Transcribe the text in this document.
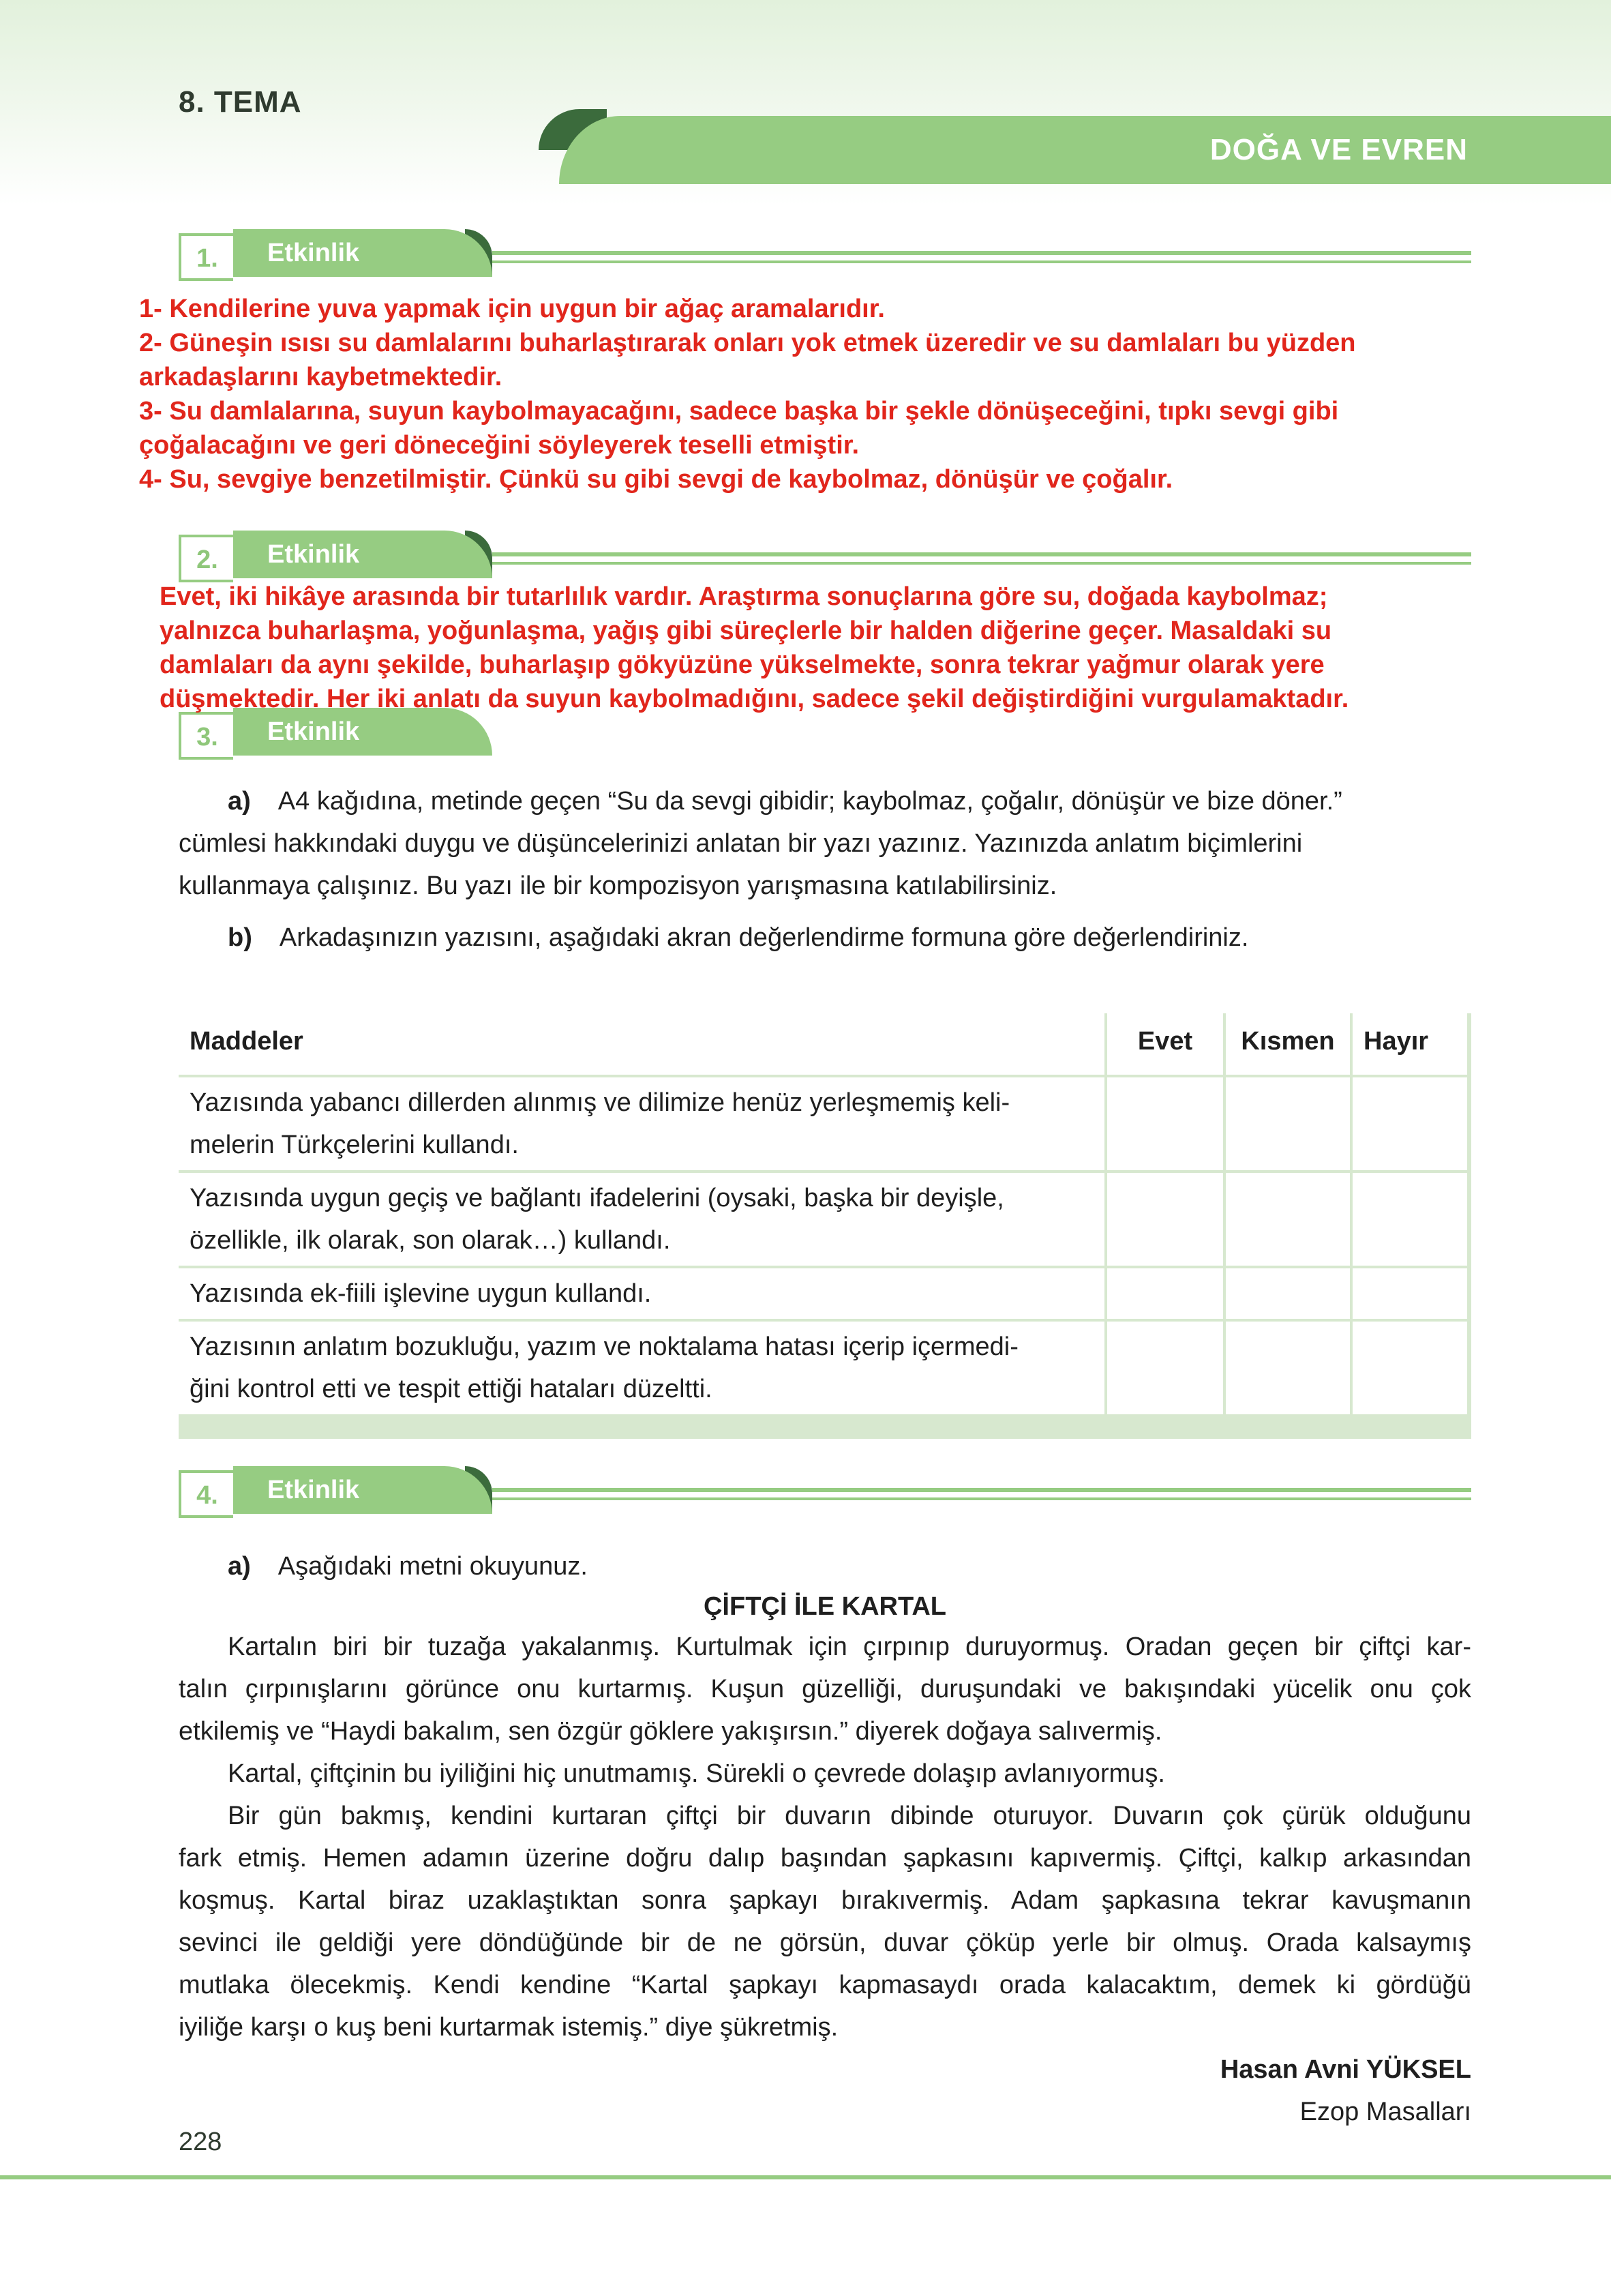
8. TEMA
DOĞA VE EVREN
1.	Etkinlik

1- Kendilerine yuva yapmak için uygun bir ağaç aramalarıdır.

2- Güneşin ısısı su damlalarını buharlaştırarak onları yok etmek üzeredir ve su damlaları bu yüzden

arkadaşlarını kaybetmektedir.

3- Su damlalarına, suyun kaybolmayacağını, sadece başka bir şekle dönüşeceğini, tıpkı sevgi gibi

çoğalacağını ve geri döneceğini söyleyerek teselli etmiştir.

4- Su, sevgiye benzetilmiştir. Çünkü su gibi sevgi de kaybolmaz, dönüşür ve çoğalır.

2.	Etkinlik
3.	Etkinlik

Evet, iki hikâye arasında bir tutarlılık vardır. Araştırma sonuçlarına göre su, doğada kaybolmaz;

yalnızca buharlaşma, yoğunlaşma, yağış gibi süreçlerle bir halden diğerine geçer. Masaldaki su

damlaları da aynı şekilde, buharlaşıp gökyüzüne yükselmekte, sonra tekrar yağmur olarak yere

düşmektedir. Her iki anlatı da suyun kaybolmadığını, sadece şekil değiştirdiğini vurgulamaktadır.

a) A4 kağıdına, metinde geçen “Su da sevgi gibidir; kaybolmaz, çoğalır, dönüşür ve bize döner.”
cümlesi hakkındaki duygu ve düşüncelerinizi anlatan bir yazı yazınız. Yazınızda anlatım biçimlerini
kullanmaya çalışınız. Bu yazı ile bir kompozisyon yarışmasına katılabilirsiniz.
b) Arkadaşınızın yazısını, aşağıdaki akran değerlendirme formuna göre değerlendiriniz.
Maddeler	Evet	Kısmen	Hayır

Yazısında yabancı dillerden alınmış ve dilimize henüz yerleşmemiş keli-
melerin Türkçelerini kullandı.			

Yazısında uygun geçiş ve bağlantı ifadelerini (oysaki, başka bir deyişle,
özellikle, ilk olarak, son olarak…) kullandı.			

Yazısında ek-fiili işlevine uygun kullandı.			

Yazısının anlatım bozukluğu, yazım ve noktalama hatası içerip içermedi-
ğini kontrol etti ve tespit ettiği hataları düzeltti.			

4.	Etkinlik
a) Aşağıdaki metni okuyunuz.
ÇİFTÇİ İLE KARTAL
Kartalın biri bir tuzağa yakalanmış. Kurtulmak için çırpınıp duruyormuş. Oradan geçen bir çiftçi kar-
talın çırpınışlarını görünce onu kurtarmış. Kuşun güzelliği, duruşundaki ve bakışındaki yücelik onu çok
etkilemiş ve “Haydi bakalım, sen özgür göklere yakışırsın.” diyerek doğaya salıvermiş.
Kartal, çiftçinin bu iyiliğini hiç unutmamış. Sürekli o çevrede dolaşıp avlanıyormuş.
Bir gün bakmış, kendini kurtaran çiftçi bir duvarın dibinde oturuyor. Duvarın çok çürük olduğunu
fark etmiş. Hemen adamın üzerine doğru dalıp başından şapkasını kapıvermiş. Çiftçi, kalkıp arkasından
koşmuş. Kartal biraz uzaklaştıktan sonra şapkayı bırakıvermiş. Adam şapkasına tekrar kavuşmanın
sevinci ile geldiği yere döndüğünde bir de ne görsün, duvar çöküp yerle bir olmuş. Orada kalsaymış
mutlaka ölecekmiş. Kendi kendine “Kartal şapkayı kapmasaydı orada kalacaktım, demek ki gördüğü
iyiliğe karşı o kuş beni kurtarmak istemiş.” diye şükretmiş.
Hasan Avni YÜKSEL
Ezop Masalları
228
